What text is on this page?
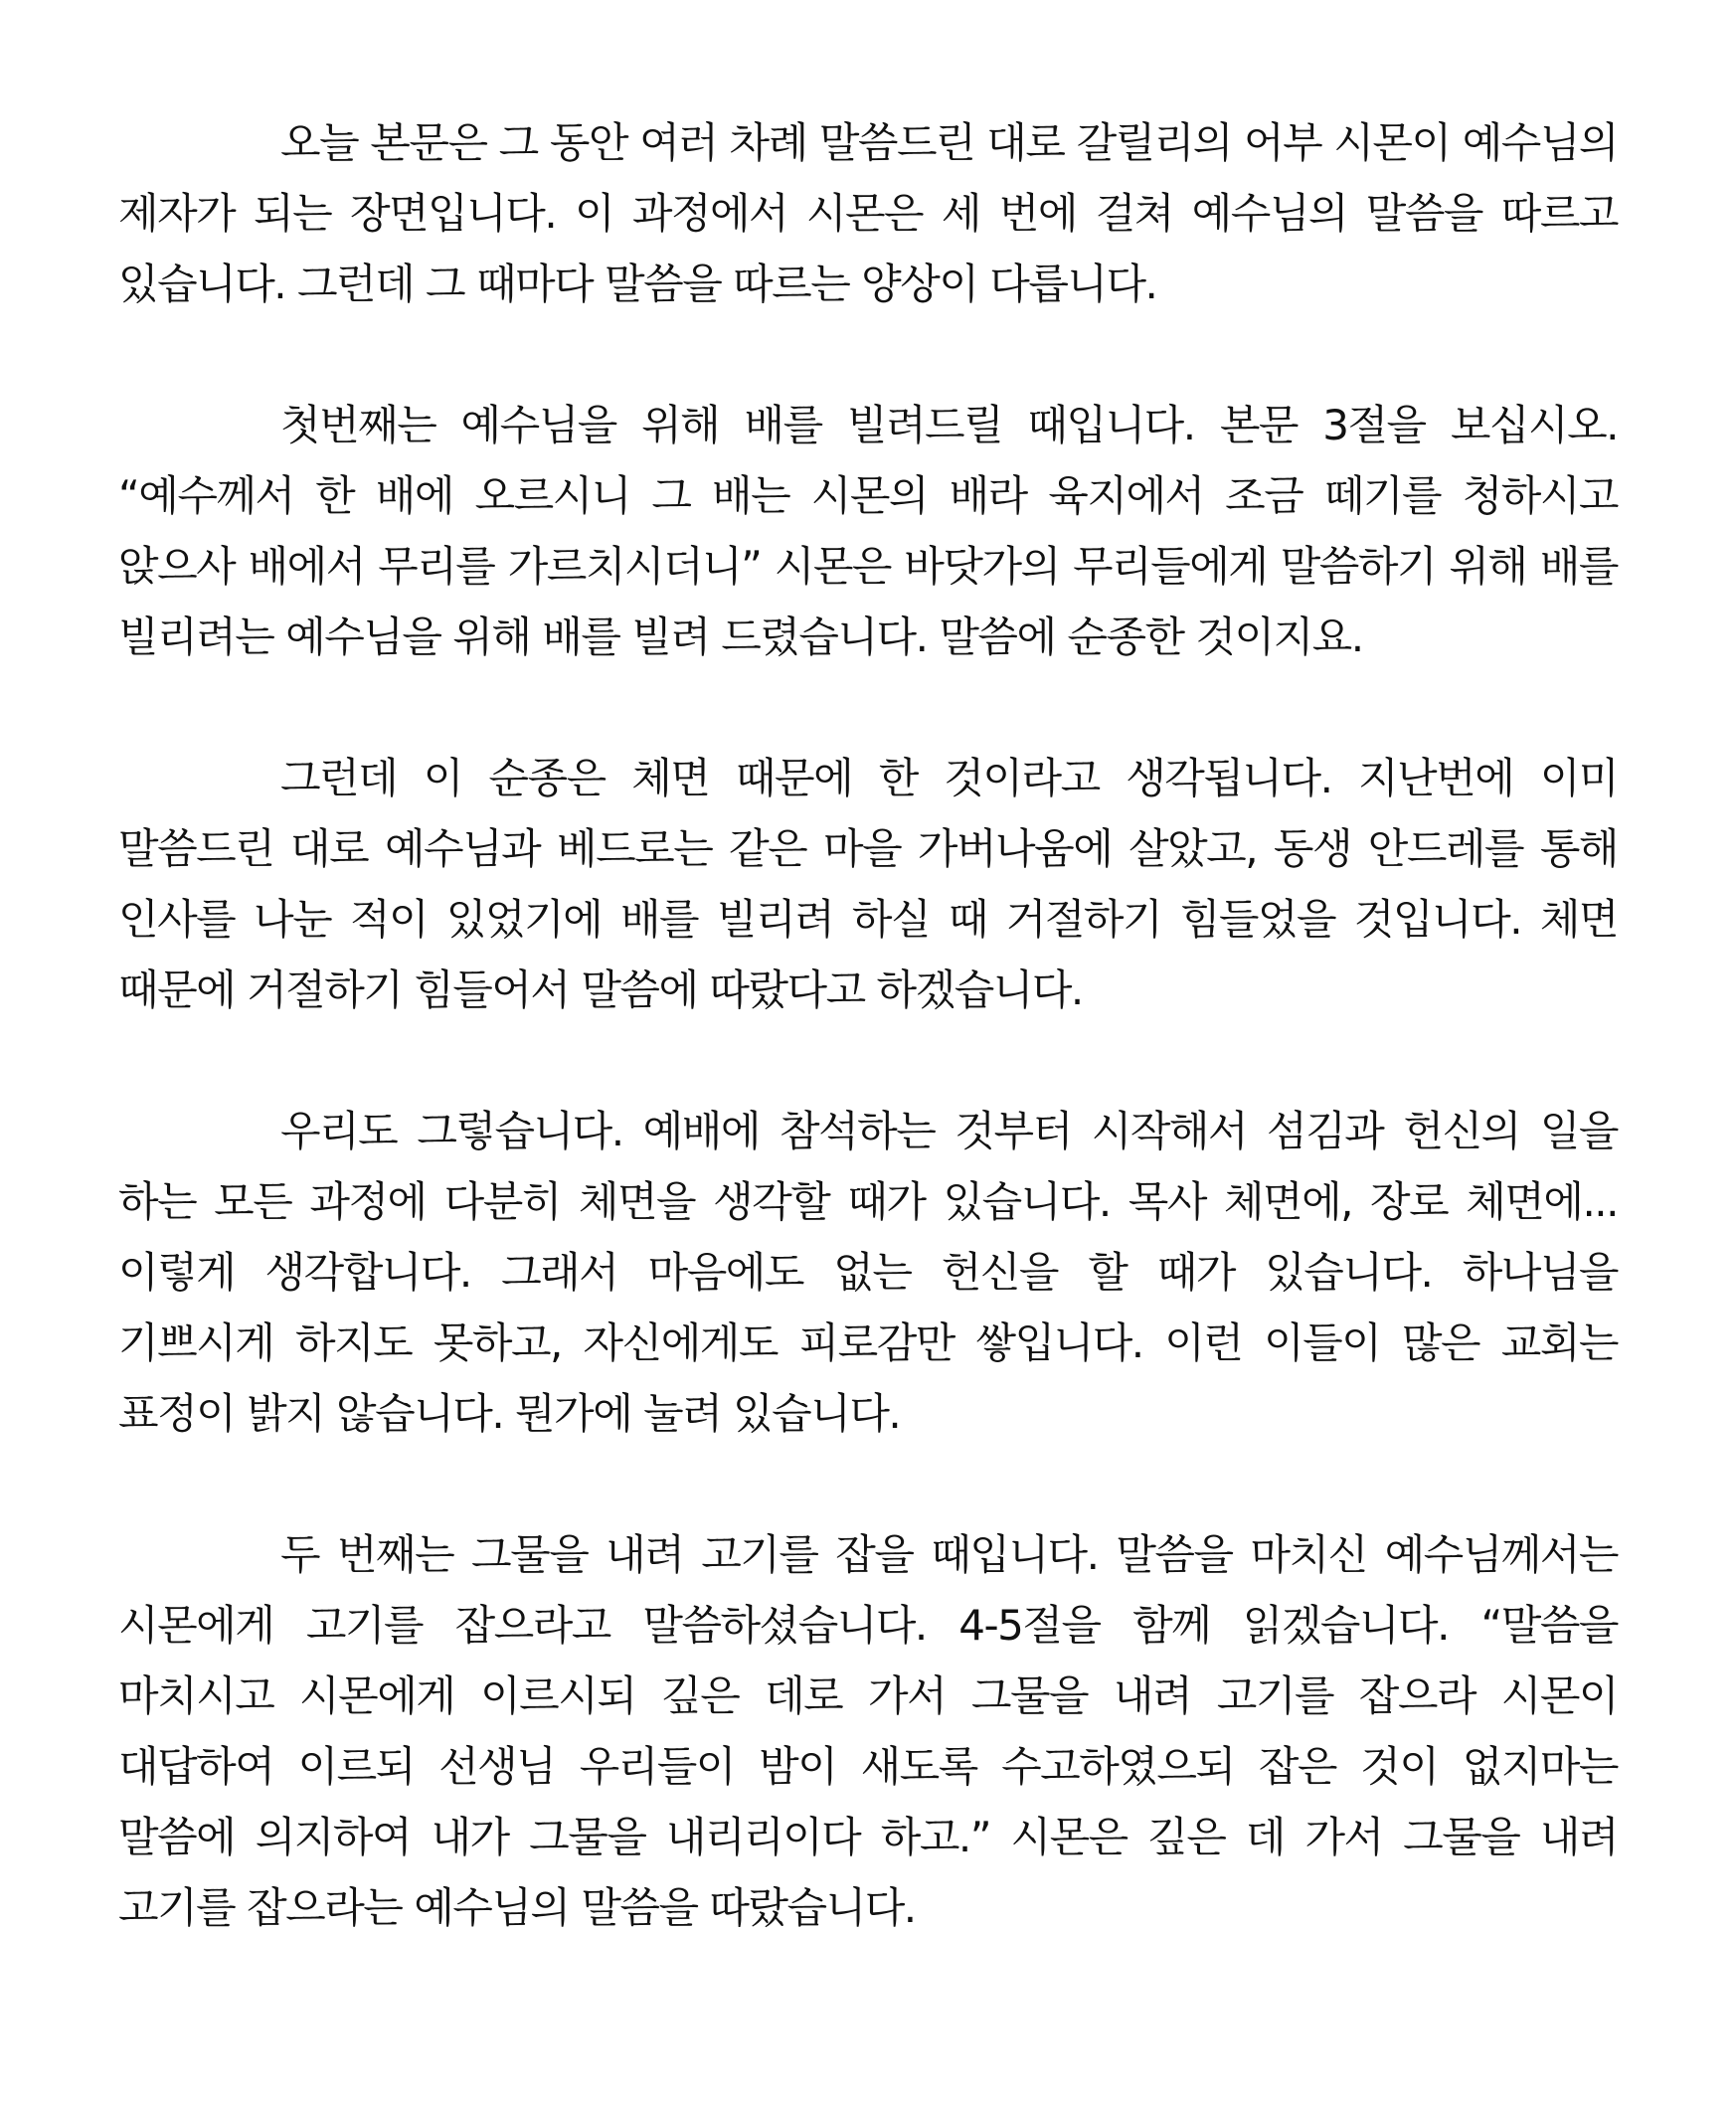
오늘 본문은 그 동안 여러 차례 말씀드린 대로 갈릴리의 어부 시몬이 예수님의 제자가 되는 장면입니다. 이 과정에서 시몬은 세 번에 걸쳐 예수님의 말씀을 따르고 있습니다. 그런데 그 때마다 말씀을 따르는 양상이 다릅니다.

첫번째는 예수님을 위해 배를 빌려드릴 때입니다. 본문 3절을 보십시오. “예수께서 한 배에 오르시니 그 배는 시몬의 배라 육지에서 조금 떼기를 청하시고 앉으사 배에서 무리를 가르치시더니” 시몬은 바닷가의 무리들에게 말씀하기 위해 배를 빌리려는 예수님을 위해 배를 빌려 드렸습니다. 말씀에 순종한 것이지요.

그런데 이 순종은 체면 때문에 한 것이라고 생각됩니다. 지난번에 이미 말씀드린 대로 예수님과 베드로는 같은 마을 가버나움에 살았고, 동생 안드레를 통해 인사를 나눈 적이 있었기에 배를 빌리려 하실 때 거절하기 힘들었을 것입니다. 체면 때문에 거절하기 힘들어서 말씀에 따랐다고 하겠습니다.

우리도 그렇습니다. 예배에 참석하는 것부터 시작해서 섬김과 헌신의 일을 하는 모든 과정에 다분히 체면을 생각할 때가 있습니다. 목사 체면에, 장로 체면에...이렇게 생각합니다. 그래서 마음에도 없는 헌신을 할 때가 있습니다. 하나님을 기쁘시게 하지도 못하고, 자신에게도 피로감만 쌓입니다. 이런 이들이 많은 교회는 표정이 밝지 않습니다. 뭔가에 눌려 있습니다.

두 번째는 그물을 내려 고기를 잡을 때입니다. 말씀을 마치신 예수님께서는 시몬에게 고기를 잡으라고 말씀하셨습니다. 4-5절을 함께 읽겠습니다. “말씀을 마치시고 시몬에게 이르시되 깊은 데로 가서 그물을 내려 고기를 잡으라 시몬이 대답하여 이르되 선생님 우리들이 밤이 새도록 수고하였으되 잡은 것이 없지마는 말씀에 의지하여 내가 그물을 내리리이다 하고.” 시몬은 깊은 데 가서 그물을 내려 고기를 잡으라는 예수님의 말씀을 따랐습니다.
